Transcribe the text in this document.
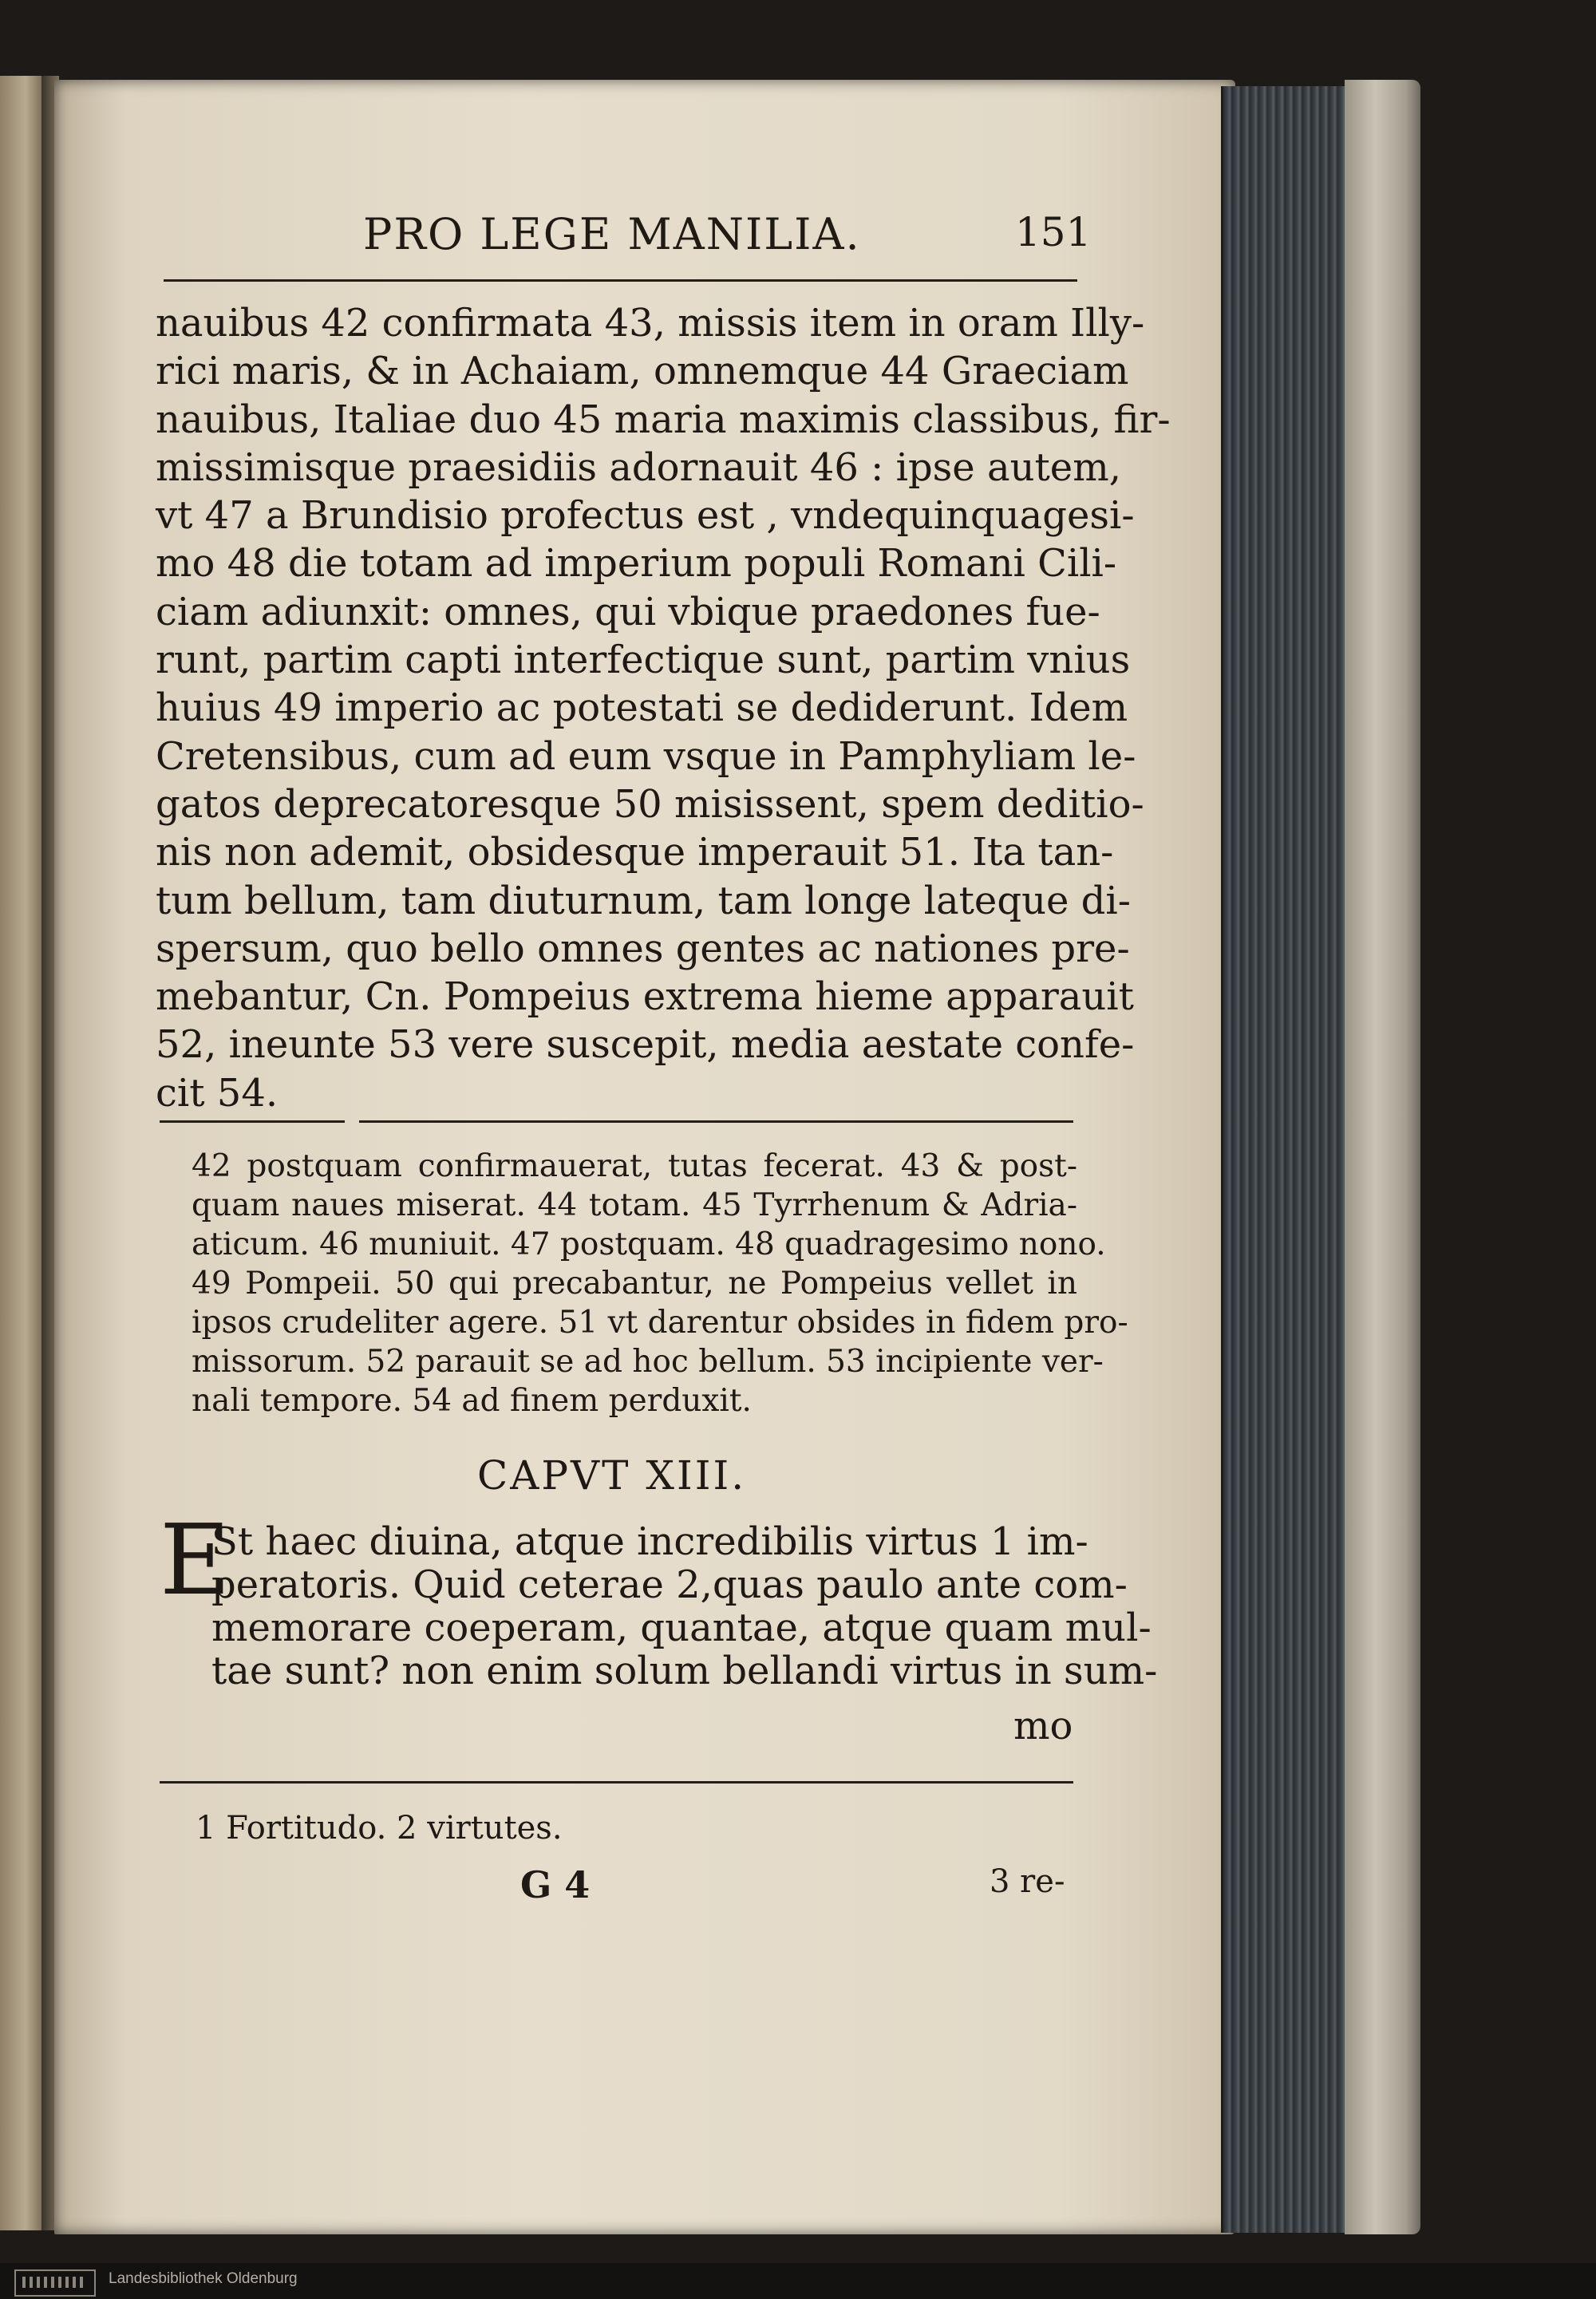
PRO LEGE MANILIA.	151
nauibus 42 confirmata 43, missis item in oram Illy-
rici maris, & in Achaiam, omnemque 44 Graeciam
nauibus, Italiae duo 45 maria maximis classibus, fir-
missimisque praesidiis adornauit 46 : ipse autem,
vt 47 a Brundisio profectus est , vndequinquagesi-
mo 48 die totam ad imperium populi Romani Cili-
ciam adiunxit: omnes, qui vbique praedones fue-
runt, partim capti interfectique sunt, partim vnius
huius 49 imperio ac potestati se dediderunt. Idem
Cretensibus, cum ad eum vsque in Pamphyliam le-
gatos deprecatoresque 50 misissent, spem deditio-
nis non ademit, obsidesque imperauit 51. Ita tan-
tum bellum, tam diuturnum, tam longe lateque di-
spersum, quo bello omnes gentes ac nationes pre-
mebantur, Cn. Pompeius extrema hieme apparauit
52, ineunte 53 vere suscepit, media aestate confe-
cit 54.
42 postquam confirmauerat, tutas fecerat. 43 & post-
quam naues miserat. 44 totam. 45 Tyrrhenum & Adria-
aticum. 46 muniuit. 47 postquam. 48 quadragesimo nono.
49 Pompeii. 50 qui precabantur, ne Pompeius vellet in
ipsos crudeliter agere. 51 vt darentur obsides in fidem pro-
missorum. 52 parauit se ad hoc bellum. 53 incipiente ver-
nali tempore. 54 ad finem perduxit.
CAPVT XIII.
E
St haec diuina, atque incredibilis virtus 1 im-
peratoris. Quid ceterae 2,quas paulo ante com-
memorare coeperam, quantae, atque quam mul-
tae sunt? non enim solum bellandi virtus in sum-
mo
1 Fortitudo. 2 virtutes.
G 4	3 re-
Landesbibliothek Oldenburg
